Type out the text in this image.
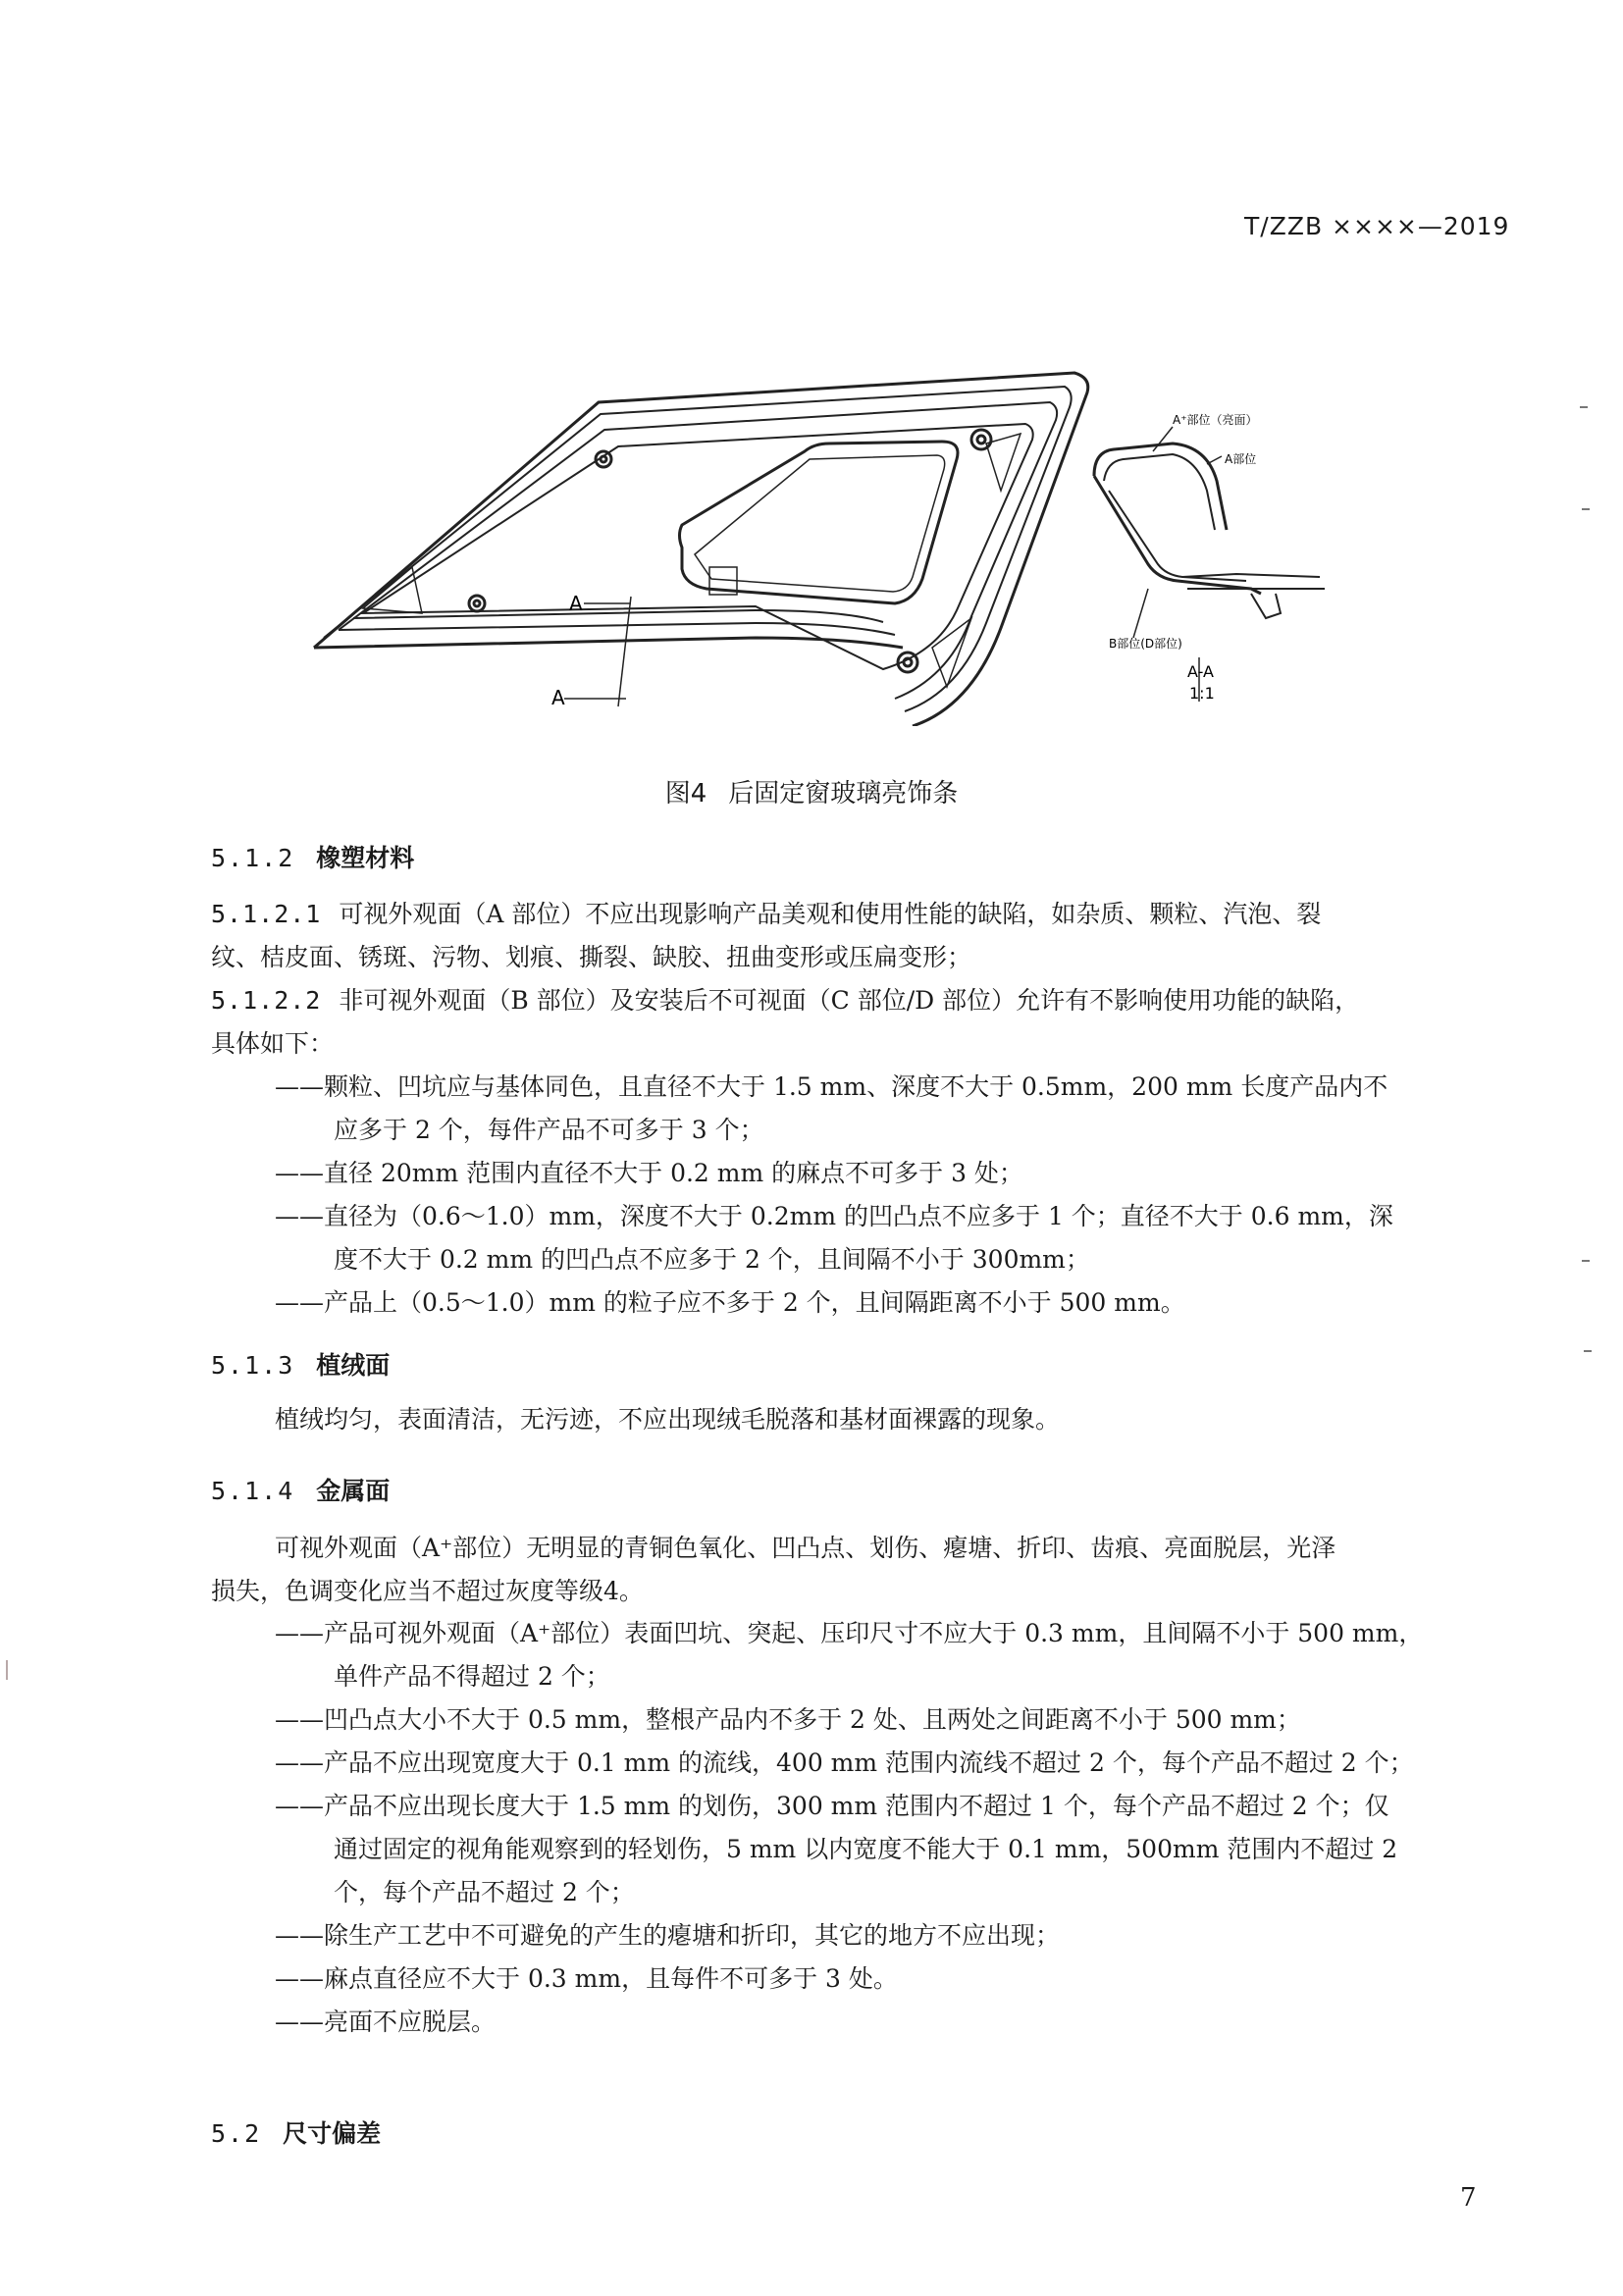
T/ZZB ××××—2019
A
A
A⁺部位（亮面）
A部位
B部位(D部位)
A-A
1:1
图4 后固定窗玻璃亮饰条
5.1.2 橡塑材料
5.1.2.1 可视外观面（A 部位）不应出现影响产品美观和使用性能的缺陷，如杂质、颗粒、汽泡、裂
纹、桔皮面、锈斑、污物、划痕、撕裂、缺胶、扭曲变形或压扁变形；
5.1.2.2 非可视外观面（B 部位）及安装后不可视面（C 部位/D 部位）允许有不影响使用功能的缺陷，
具体如下：
——颗粒、凹坑应与基体同色，且直径不大于 1.5 mm、深度不大于 0.5mm，200 mm 长度产品内不
应多于 2 个，每件产品不可多于 3 个；
——直径 20mm 范围内直径不大于 0.2 mm 的麻点不可多于 3 处；
——直径为（0.6～1.0）mm，深度不大于 0.2mm 的凹凸点不应多于 1 个；直径不大于 0.6 mm，深
度不大于 0.2 mm 的凹凸点不应多于 2 个，且间隔不小于 300mm；
——产品上（0.5～1.0）mm 的粒子应不多于 2 个，且间隔距离不小于 500 mm。
5.1.3 植绒面
植绒均匀，表面清洁，无污迹，不应出现绒毛脱落和基材面裸露的现象。
5.1.4 金属面
可视外观面（A⁺部位）无明显的青铜色氧化、凹凸点、划伤、瘪塘、折印、齿痕、亮面脱层，光泽
损失，色调变化应当不超过灰度等级4。
——产品可视外观面（A⁺部位）表面凹坑、突起、压印尺寸不应大于 0.3 mm，且间隔不小于 500 mm，
单件产品不得超过 2 个；
——凹凸点大小不大于 0.5 mm，整根产品内不多于 2 处、且两处之间距离不小于 500 mm；
——产品不应出现宽度大于 0.1 mm 的流线，400 mm 范围内流线不超过 2 个，每个产品不超过 2 个；
——产品不应出现长度大于 1.5 mm 的划伤，300 mm 范围内不超过 1 个，每个产品不超过 2 个；仅
通过固定的视角能观察到的轻划伤，5 mm 以内宽度不能大于 0.1 mm，500mm 范围内不超过 2
个，每个产品不超过 2 个；
——除生产工艺中不可避免的产生的瘪塘和折印，其它的地方不应出现；
——麻点直径应不大于 0.3 mm，且每件不可多于 3 处。
——亮面不应脱层。
5.2 尺寸偏差
7
